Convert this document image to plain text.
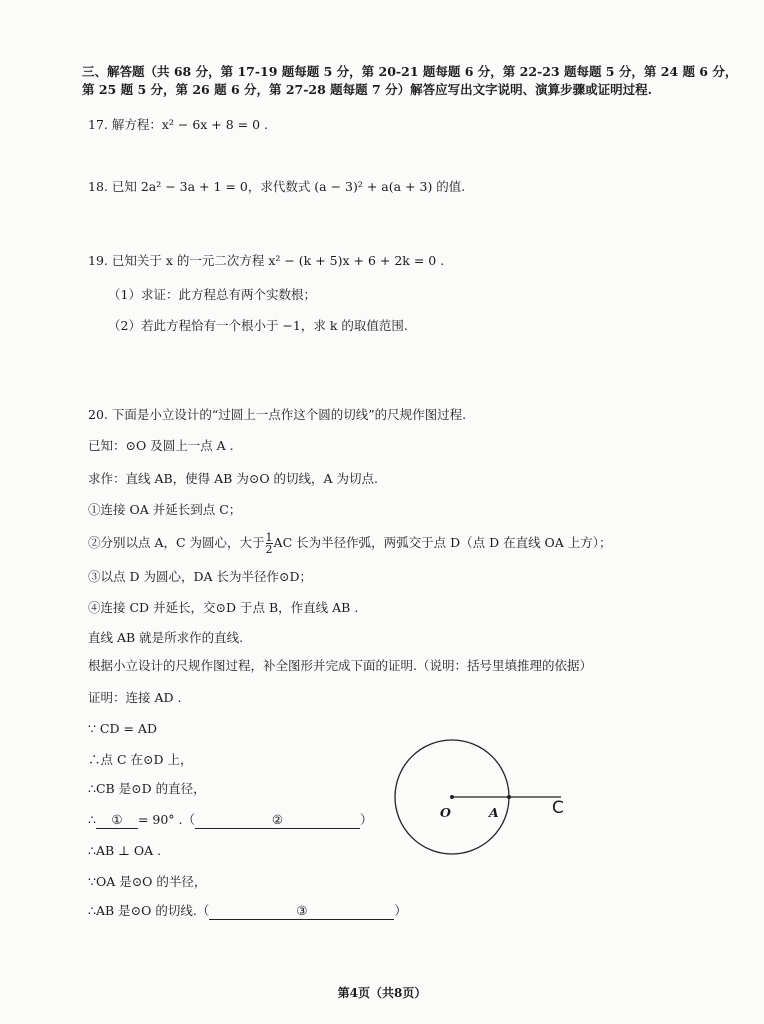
三、解答题（共 68 分，第 17-19 题每题 5 分，第 20-21 题每题 6 分，第 22-23 题每题 5 分，第 24 题 6 分，
第 25 题 5 分，第 26 题 6 分，第 27-28 题每题 7 分）解答应写出文字说明、演算步骤或证明过程.
17. 解方程：x² − 6x + 8 = 0 .
18. 已知 2a² − 3a + 1 = 0，求代数式 (a − 3)² + a(a + 3) 的值.
19. 已知关于 x 的一元二次方程 x² − (k + 5)x + 6 + 2k = 0 .
（1）求证：此方程总有两个实数根；
（2）若此方程恰有一个根小于 −1，求 k 的取值范围.
20. 下面是小立设计的“过圆上一点作这个圆的切线”的尺规作图过程.
已知：⊙O 及圆上一点 A .
求作：直线 AB，使得 AB 为⊙O 的切线，A 为切点.
①连接 OA 并延长到点 C；
②分别以点 A，C 为圆心，大于 $\frac{1}{2}$ AC 长为半径作弧，两弧交于点 D（点 D 在直线 OA 上方）；
③以点 D 为圆心，DA 长为半径作⊙D；
④连接 CD 并延长，交⊙D 于点 B，作直线 AB .
直线 AB 就是所求作的直线.
根据小立设计的尺规作图过程，补全图形并完成下面的证明.（说明：括号里填推理的依据）
证明：连接 AD .
∵ CD = AD
∴点 C 在⊙D 上，
∴CB 是⊙D 的直径，
∴ ① = 90° .（	②	）
∴AB ⊥ OA .
∵OA 是⊙O 的半径，
∴AB 是⊙O 的切线.（	③	）
O	A	C
第4页（共8页）
